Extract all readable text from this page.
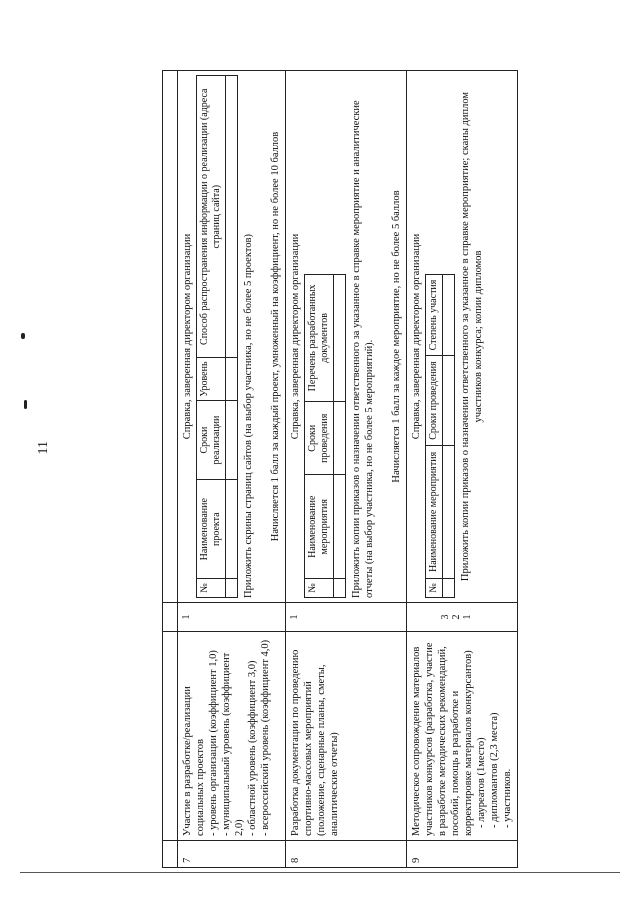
11

7	
Участие в разработке/реализации социальных проектов - уровень организации (коэффициент 1,0) - муниципальный уровень (коэффициент 2,0) - областной уровень (коэффициент 3,0) - всероссийский уровень (коэффициент 4,0)

1

Справка, заверенная директором организации
№	Наименование проекта	Сроки реализации	Уровень	Способ распространения информации о реализации (адреса страниц сайта)

Приложить скрины страниц сайтов (на выбор участника, но не более 5 проектов) Начисляется 1 балл за каждый проект, умноженный на коэффициент, но не более 10 баллов

8	
Разработка документации по проведению спортивно-массовых мероприятий (положение, сценарные планы, сметы, аналитические отчеты)

1

Справка, заверенная директором организации
№	Наименование мероприятия	Сроки проведения	Перечень разработанных документов
			Приложить копии приказов о назначении ответственного за указанное в справке мероприятие и аналитические отчеты (на выбор участника, но не более 5 мероприятий). Начисляется 1 балл за каждое мероприятие, но не более 5 баллов

9	
Методическое сопровождение материалов участников конкурсов (разработка, участие в разработке методических рекомендаций, пособий, помощь в разработке и корректировке материалов конкурсантов) - лауреатов (1место) - дипломантов (2,3 места) - участников.

3 2 1

Справка, заверенная директором организации
№	Наименование мероприятия	Сроки проведения	Степень участия
			Приложить копии приказов о назначении ответственного за указанное в справке мероприятие; сканы диплом участников конкурса; копии дипломов
